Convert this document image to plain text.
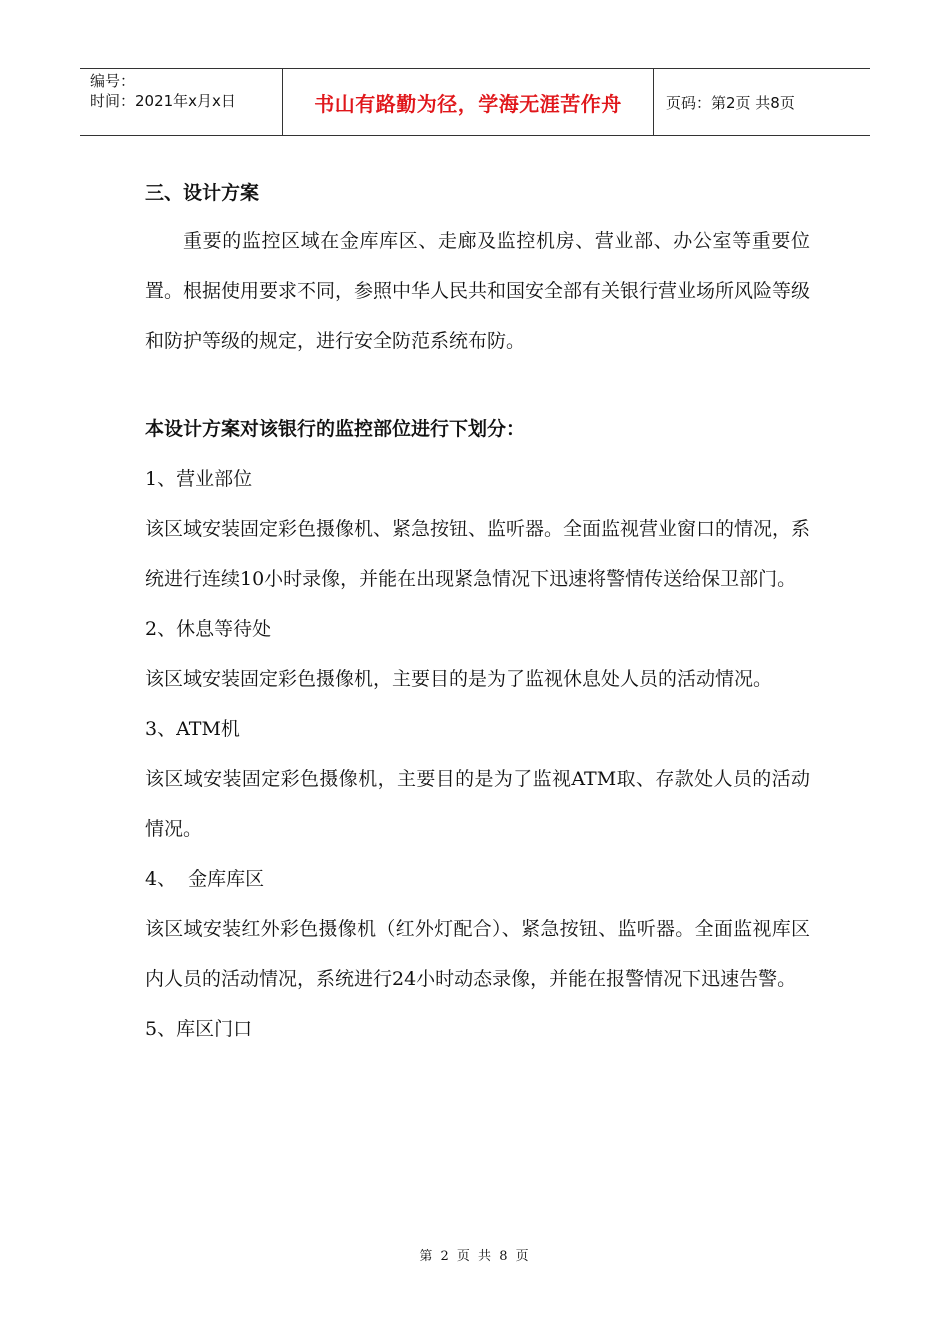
编号：
时间：2021年x月x日	书山有路勤为径，学海无涯苦作舟	页码：第2页 共8页

三、设计方案

重要的监控区域在金库库区、走廊及监控机房、营业部、办公室等重要位置。根据使用要求不同，参照中华人民共和国安全部有关银行营业场所风险等级和防护等级的规定，进行安全防范系统布防。

本设计方案对该银行的监控部位进行下划分：

1、营业部位

该区域安装固定彩色摄像机、紧急按钮、监听器。全面监视营业窗口的情况，系统进行连续10小时录像，并能在出现紧急情况下迅速将警情传送给保卫部门。

2、休息等待处

该区域安装固定彩色摄像机，主要目的是为了监视休息处人员的活动情况。

3、ATM机

该区域安装固定彩色摄像机，主要目的是为了监视ATM取、存款处人员的活动情况。

4、  金库库区

该区域安装红外彩色摄像机（红外灯配合）、紧急按钮、监听器。全面监视库区内人员的活动情况，系统进行24小时动态录像，并能在报警情况下迅速告警。

5、库区门口

第 2 页 共 8 页
